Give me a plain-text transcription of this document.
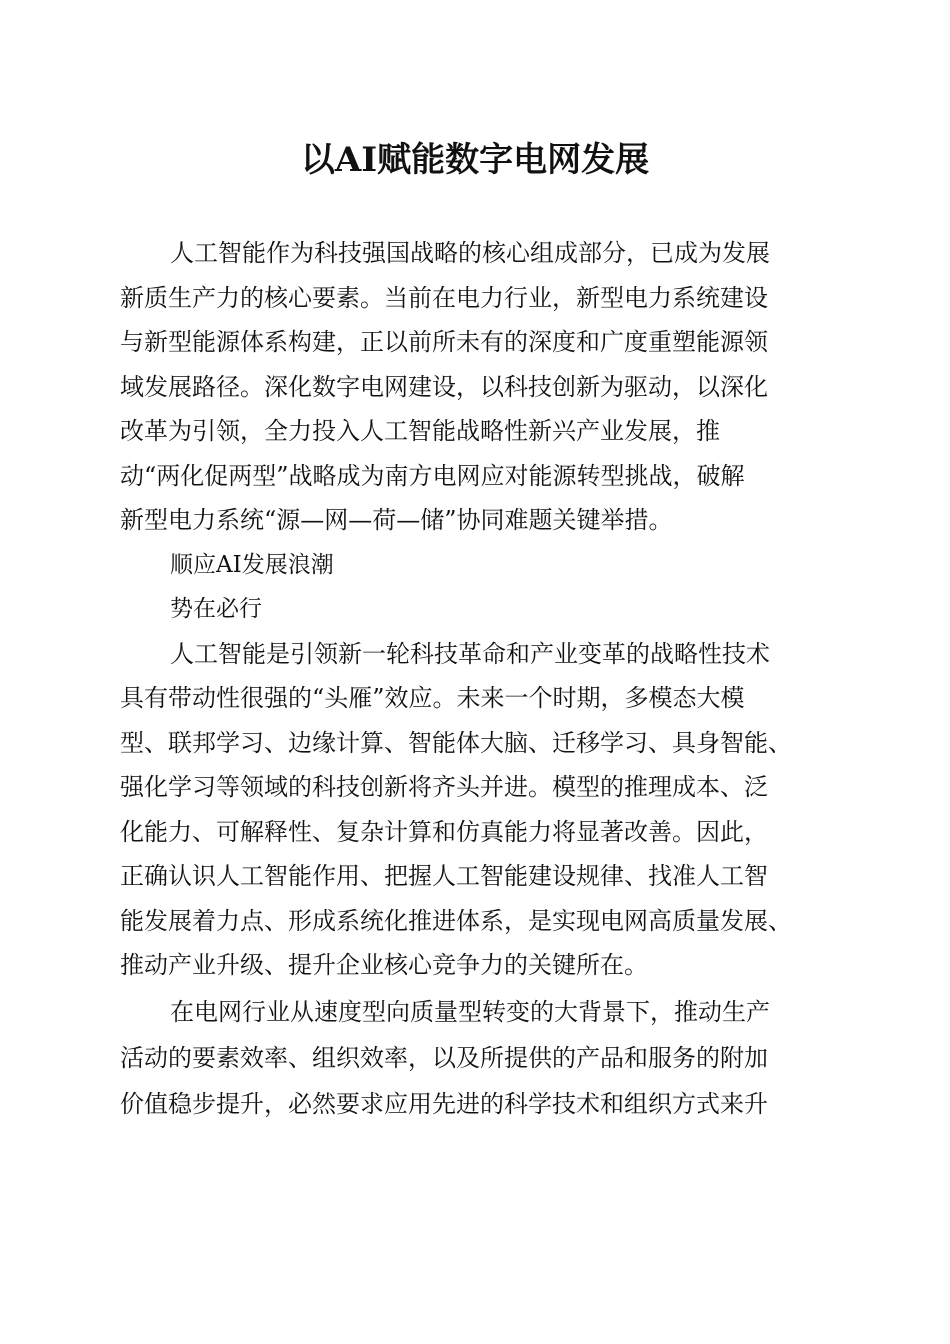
以AI赋能数字电网发展
人工智能作为科技强国战略的核心组成部分，已成为发展
新质生产力的核心要素。当前在电力行业，新型电力系统建设
与新型能源体系构建，正以前所未有的深度和广度重塑能源领
域发展路径。深化数字电网建设，以科技创新为驱动，以深化
改革为引领，全力投入人工智能战略性新兴产业发展，推
动“两化促两型”战略成为南方电网应对能源转型挑战，破解
新型电力系统“源—网—荷—储”协同难题关键举措。
顺应AI发展浪潮
势在必行
人工智能是引领新一轮科技革命和产业变革的战略性技术
具有带动性很强的“头雁”效应。未来一个时期，多模态大模
型、联邦学习、边缘计算、智能体大脑、迁移学习、具身智能、
强化学习等领域的科技创新将齐头并进。模型的推理成本、泛
化能力、可解释性、复杂计算和仿真能力将显著改善。因此，
正确认识人工智能作用、把握人工智能建设规律、找准人工智
能发展着力点、形成系统化推进体系，是实现电网高质量发展、
推动产业升级、提升企业核心竞争力的关键所在。
在电网行业从速度型向质量型转变的大背景下，推动生产
活动的要素效率、组织效率，以及所提供的产品和服务的附加
价值稳步提升，必然要求应用先进的科学技术和组织方式来升
